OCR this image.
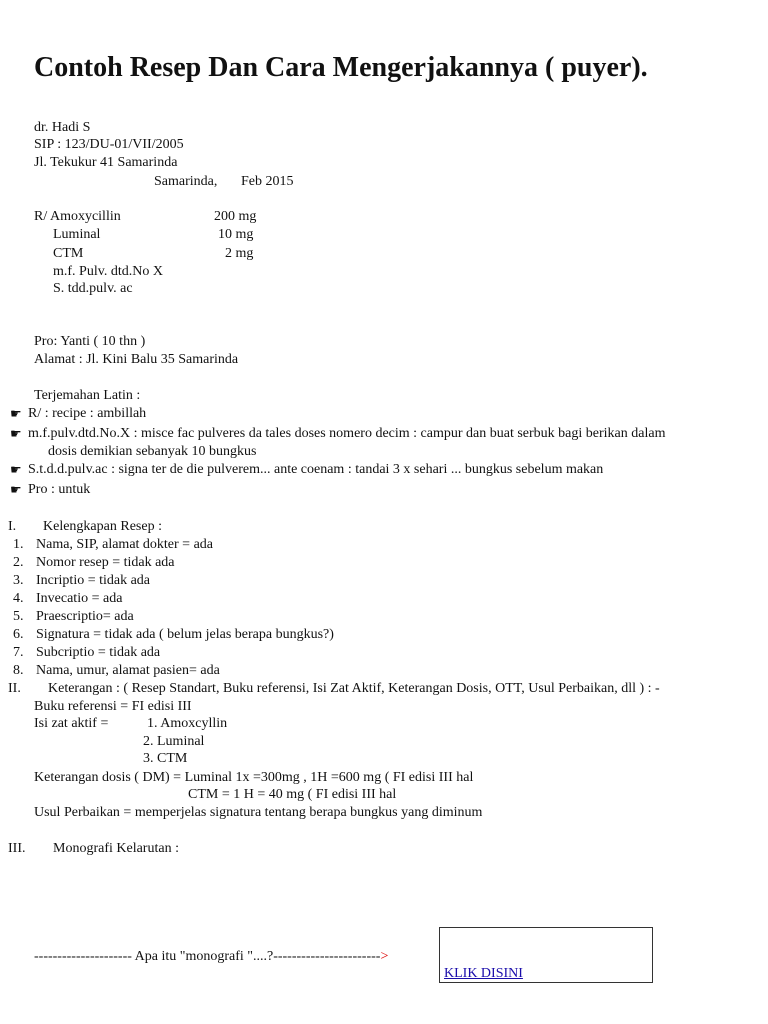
Contoh Resep Dan Cara Mengerjakannya ( puyer).
dr. Hadi S
SIP : 123/DU-01/VII/2005
Jl. Tekukur 41 Samarinda
Samarinda, Feb 2015
R/ Amoxycillin	200 mg
Luminal	10 mg
CTM	2 mg
m.f. Pulv. dtd.No X
S. tdd.pulv. ac
Pro: Yanti ( 10 thn )
Alamat : Jl. Kini Balu 35 Samarinda
Terjemahan Latin :
☛ R/ : recipe : ambillah
☛ m.f.pulv.dtd.No.X : misce fac pulveres da tales doses nomero decim : campur dan buat serbuk bagi berikan dalam
dosis demikian sebanyak 10 bungkus
☛ S.t.d.d.pulv.ac : signa ter de die pulverem... ante coenam : tandai 3 x sehari ... bungkus sebelum makan
☛ Pro : untuk
I. Kelengkapan Resep :
1. Nama, SIP, alamat dokter = ada
2. Nomor resep = tidak ada
3. Incriptio = tidak ada
4. Invecatio = ada
5. Praescriptio= ada
6. Signatura = tidak ada ( belum jelas berapa bungkus?)
7. Subcriptio = tidak ada
8. Nama, umur, alamat pasien= ada
II. Keterangan : ( Resep Standart, Buku referensi, Isi Zat Aktif, Keterangan Dosis, OTT, Usul Perbaikan, dll ) : -
Buku referensi = FI edisi III
Isi zat aktif =	1. Amoxcyllin
2. Luminal
3. CTM
Keterangan dosis ( DM) = Luminal 1x =300mg , 1H =600 mg ( FI edisi III hal
CTM = 1 H = 40 mg ( FI edisi III hal
Usul Perbaikan = memperjelas signatura tentang berapa bungkus yang diminum
III. Monografi Kelarutan :
--------------------- Apa itu "monografi "....?----------------------->
KLIK DISINI
